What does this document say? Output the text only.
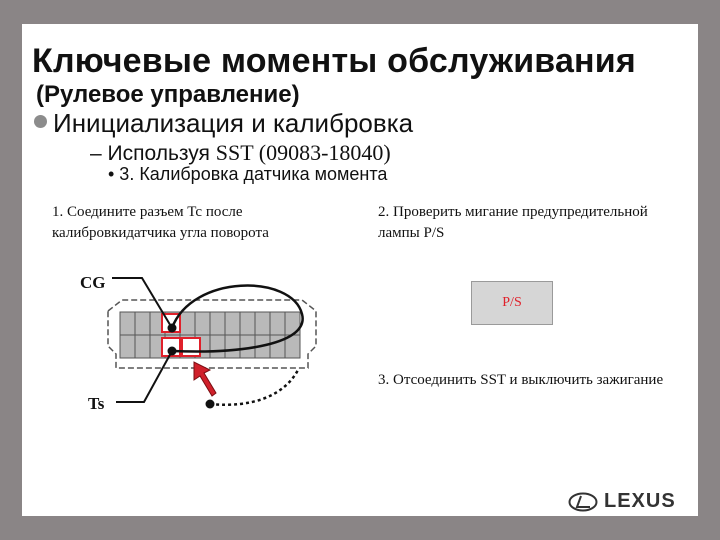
Ключевые моменты обслуживания
(Рулевое управление)
Инициализация и калибровка
– Используя SST (09083-18040)
• 3. Калибровка датчика момента
1. Соедините разъем Tc после калибровкидатчика угла поворота
2. Проверить мигание предупредительной лампы P/S
3. Отсоединить SST и выключить зажигание
CG
Ts
P/S
LEXUS
